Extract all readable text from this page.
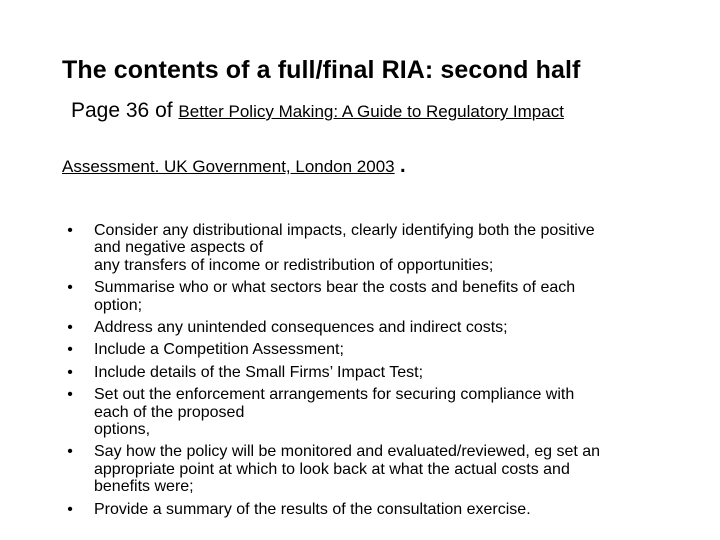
The contents of a full/final RIA: second half
Page 36 of Better Policy Making: A Guide to Regulatory Impact
Assessment. UK Government, London 2003 .
• Consider any distributional impacts, clearly identifying both the positive
and negative aspects of
any transfers of income or redistribution of opportunities;
• Summarise who or what sectors bear the costs and benefits of each
option;
• Address any unintended consequences and indirect costs;
• Include a Competition Assessment;
• Include details of the Small Firms’ Impact Test;
• Set out the enforcement arrangements for securing compliance with
each of the proposed
options,
• Say how the policy will be monitored and evaluated/reviewed, eg set an
appropriate point at which to look back at what the actual costs and
benefits were;
• Provide a summary of the results of the consultation exercise.
